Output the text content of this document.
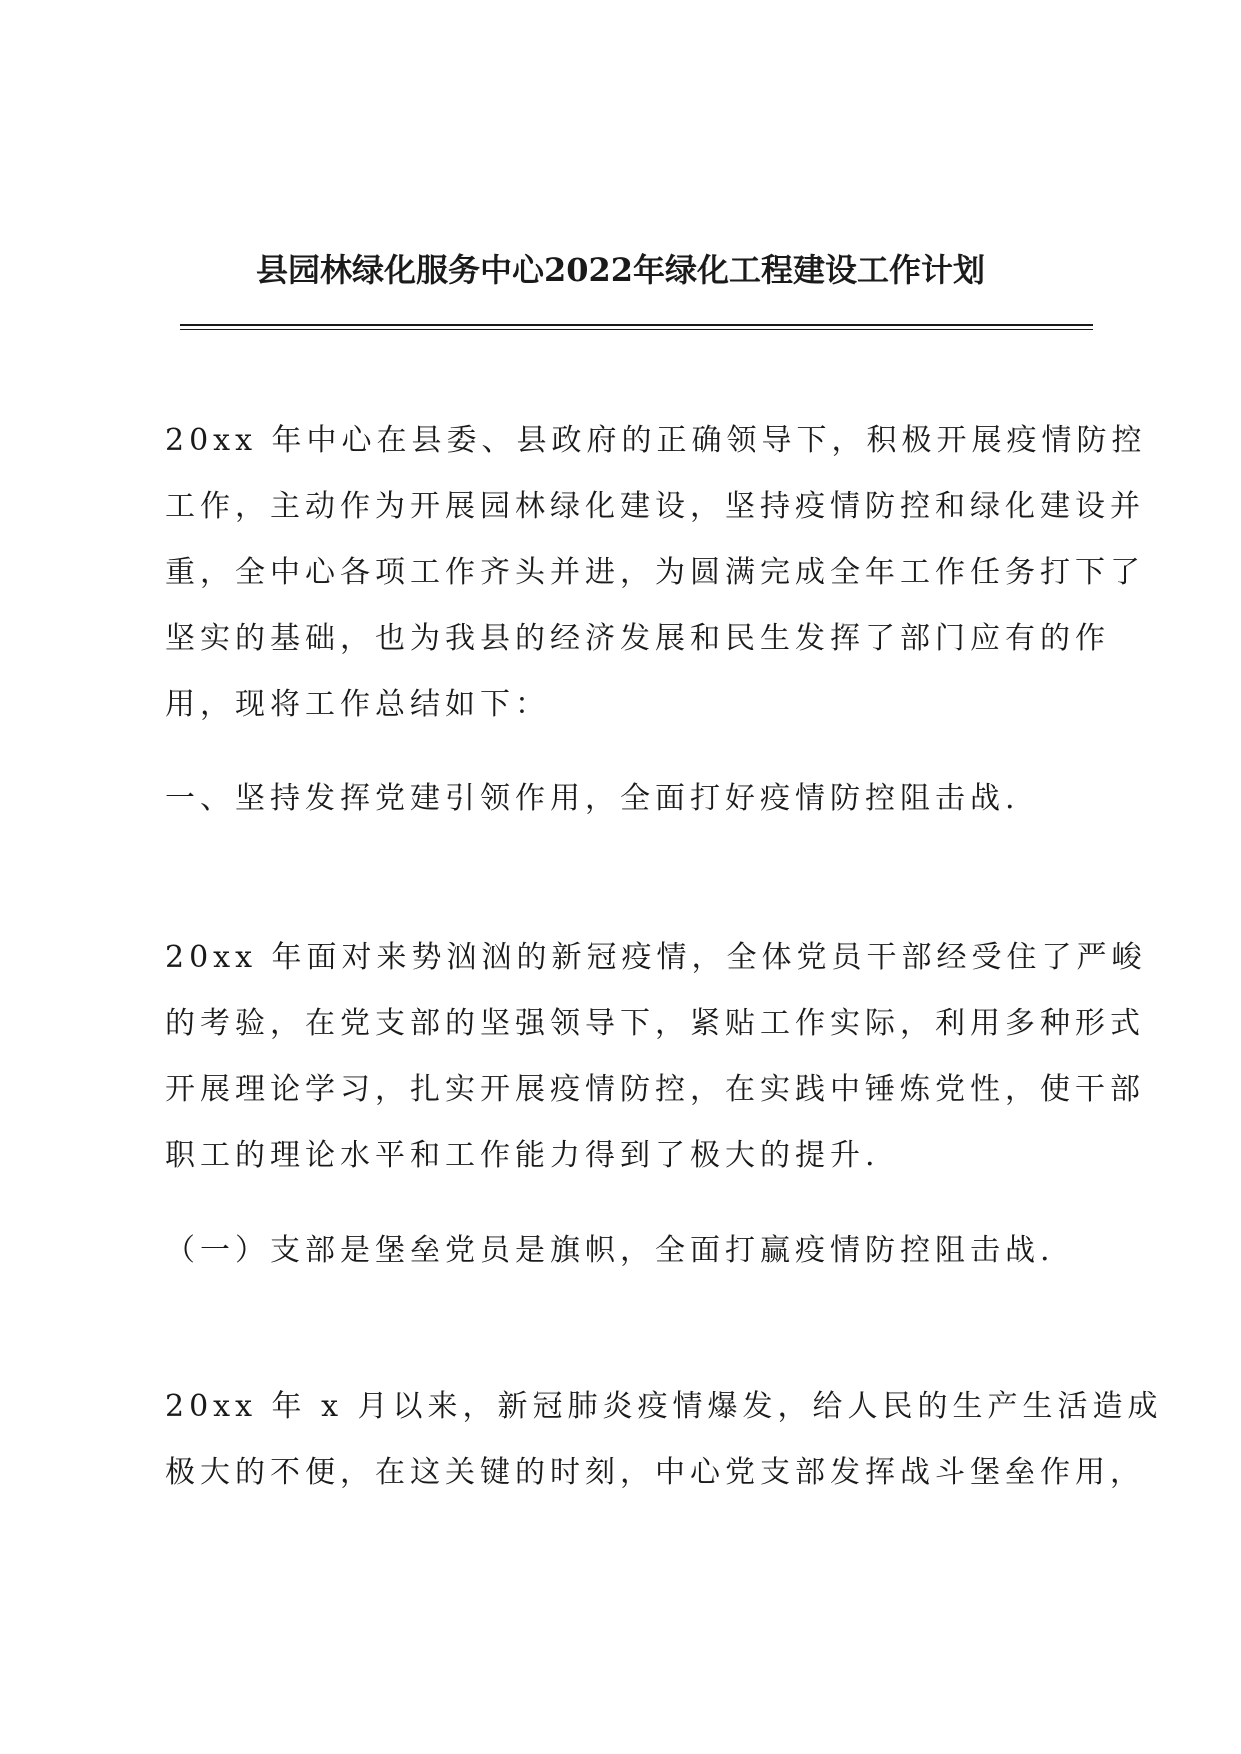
县园林绿化服务中心2022年绿化工程建设工作计划

20xx 年中心在县委、县政府的正确领导下，积极开展疫情防控
工作，主动作为开展园林绿化建设，坚持疫情防控和绿化建设并
重，全中心各项工作齐头并进，为圆满完成全年工作任务打下了
坚实的基础，也为我县的经济发展和民生发挥了部门应有的作
用，现将工作总结如下：

一、坚持发挥党建引领作用，全面打好疫情防控阻击战.

20xx 年面对来势汹汹的新冠疫情，全体党员干部经受住了严峻
的考验，在党支部的坚强领导下，紧贴工作实际，利用多种形式
开展理论学习，扎实开展疫情防控，在实践中锤炼党性，使干部
职工的理论水平和工作能力得到了极大的提升.

（一）支部是堡垒党员是旗帜，全面打赢疫情防控阻击战.

20xx 年 x 月以来，新冠肺炎疫情爆发，给人民的生产生活造成
极大的不便，在这关键的时刻，中心党支部发挥战斗堡垒作用，
